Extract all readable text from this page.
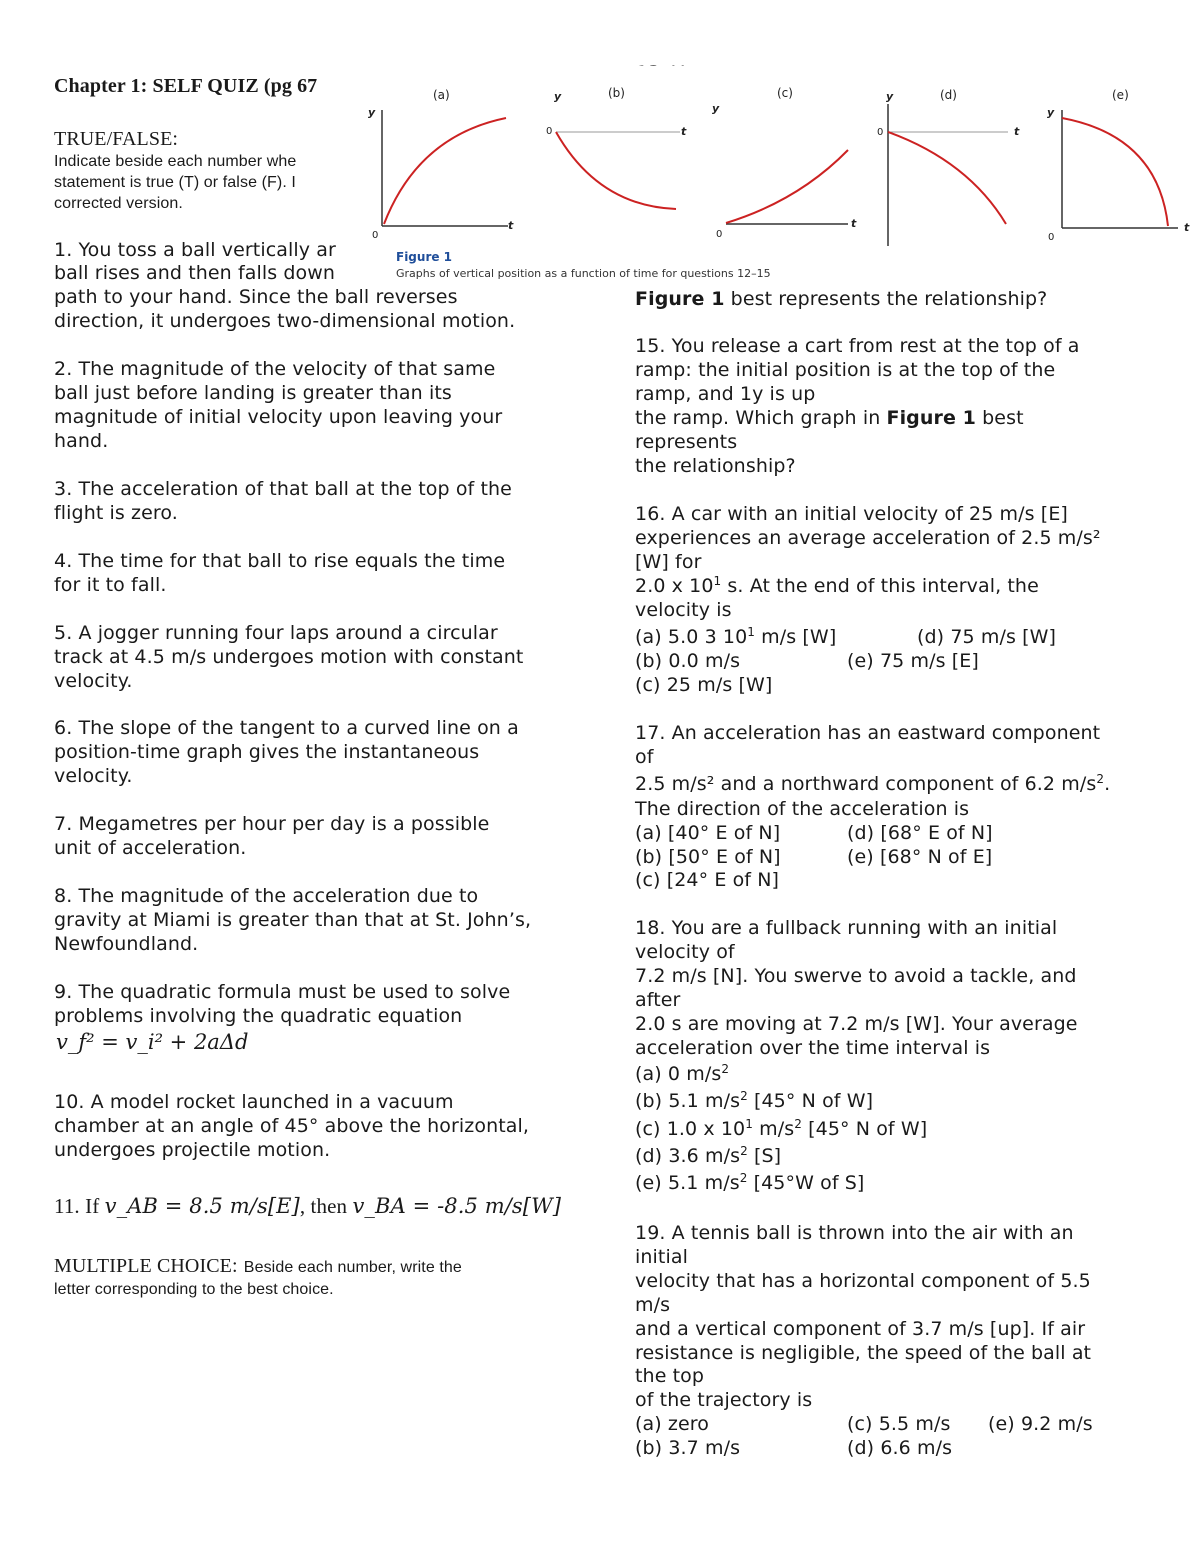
Chapter 1: SELF QUIZ (pg 67
TRUE/FALSE:
Indicate beside each number whe
statement is true (T) or false (F). I
corrected version.
1. You toss a ball vertically ar
ball rises and then falls down
path to your hand. Since the ball reverses
direction, it undergoes two-dimensional motion.
2. The magnitude of the velocity of that same
ball just before landing is greater than its
magnitude of initial velocity upon leaving your
hand.
3. The acceleration of that ball at the top of the
flight is zero.
4. The time for that ball to rise equals the time
for it to fall.
5. A jogger running four laps around a circular
track at 4.5 m/s undergoes motion with constant
velocity.
6. The slope of the tangent to a curved line on a
position-time graph gives the instantaneous
velocity.
7. Megametres per hour per day is a possible
unit of acceleration.
8. The magnitude of the acceleration due to
gravity at Miami is greater than that at St. John’s,
Newfoundland.
9. The quadratic formula must be used to solve
problems involving the quadratic equation
v_f² = v_i² + 2aΔd
10. A model rocket launched in a vacuum
chamber at an angle of 45° above the horizontal,
undergoes projectile motion.
11. If v_AB = 8.5 m/s[E], then v_BA = -8.5 m/s[W]
MULTIPLE CHOICE: Beside each number, write the
letter corresponding to the best choice.
(a)	(b)	(c)	(d)	(e)
y
t
0
y
t
0
y
t
0
y
t
0
y
t
0
Figure 1
Graphs of vertical position as a function of time for questions 12–15
Figure 1 best represents the relationship?
15. You release a cart from rest at the top of a
ramp: the initial position is at the top of the
ramp, and 1y is up
the ramp. Which graph in Figure 1 best
represents
the relationship?
16. A car with an initial velocity of 25 m/s [E]
experiences an average acceleration of 2.5 m/s²
[W] for
2.0 x $10^1$ s. At the end of this interval, the
velocity is
(a) 5.0 3 $10^1$ m/s [W]	(d) 75 m/s [W]
(b) 0.0 m/s	(e) 75 m/s [E]
(c) 25 m/s [W]
17. An acceleration has an eastward component
of
2.5 m/s² and a northward component of 6.2 $m/s^2$.
The direction of the acceleration is
(a) [40° E of N]	(d) [68° E of N]
(b) [50° E of N]	(e) [68° N of E]
(c) [24° E of N]
18. You are a fullback running with an initial
velocity of
7.2 m/s [N]. You swerve to avoid a tackle, and
after
2.0 s are moving at 7.2 m/s [W]. Your average
acceleration over the time interval is
(a) 0 $m/s^2$
(b) 5.1 $m/s^2$ [45° N of W]
(c) 1.0 x $10^1$ $m/s^2$ [45° N of W]
(d) 3.6 $m/s^2$ [S]
(e) 5.1 $m/s^2$ [45°W of S]
19. A tennis ball is thrown into the air with an
initial
velocity that has a horizontal component of 5.5
m/s
and a vertical component of 3.7 m/s [up]. If air
resistance is negligible, the speed of the ball at
the top
of the trajectory is
(a) zero	(c) 5.5 m/s (e) 9.2 m/s
(b) 3.7 m/s	(d) 6.6 m/s
